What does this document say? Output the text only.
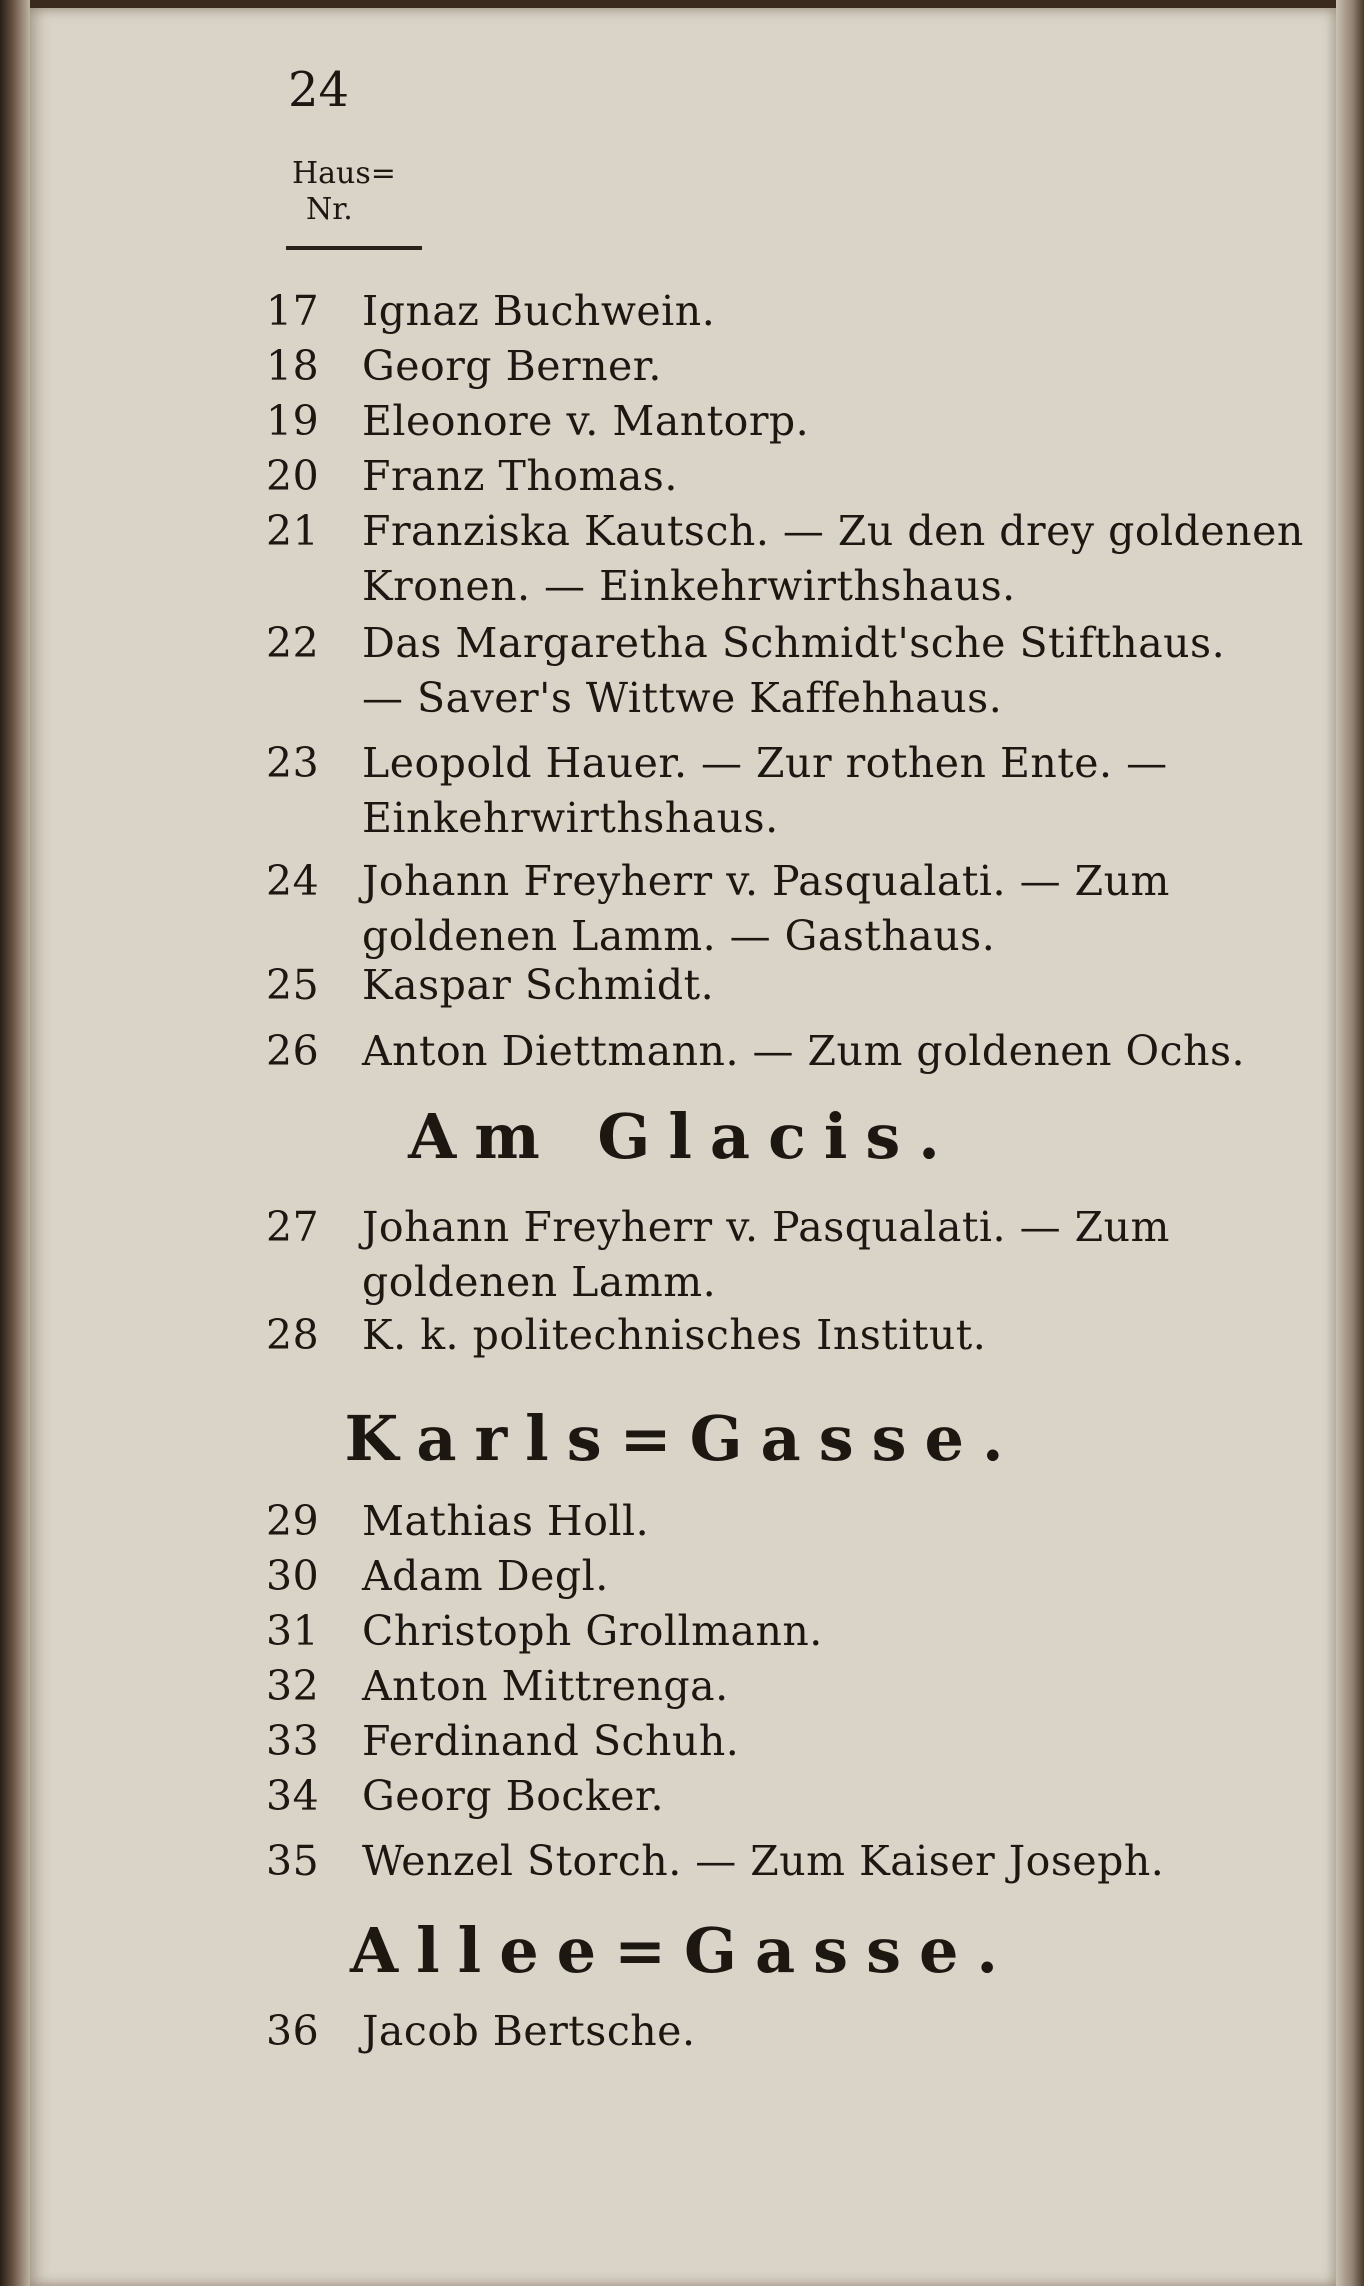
24
Haus=
Nr.
17 Ignaz Buchwein.
18 Georg Berner.
19 Eleonore v. Mantorp.
20 Franz Thomas.
21 Franziska Kautsch. — Zu den drey goldenen
Kronen. — Einkehrwirthshaus.
22 Das Margaretha Schmidt'sche Stifthaus.
— Saver's Wittwe Kaffehhaus.
23 Leopold Hauer. — Zur rothen Ente. —
Einkehrwirthshaus.
24 Johann Freyherr v. Pasqualati. — Zum
goldenen Lamm. — Gasthaus.
25 Kaspar Schmidt.
26 Anton Diettmann. — Zum goldenen Ochs.
Am Glacis.
27 Johann Freyherr v. Pasqualati. — Zum
goldenen Lamm.
28 K. k. politechnisches Institut.
Karls=Gasse.
29 Mathias Holl.
30 Adam Degl.
31 Christoph Grollmann.
32 Anton Mittrenga.
33 Ferdinand Schuh.
34 Georg Bocker.
35 Wenzel Storch. — Zum Kaiser Joseph.
Allee=Gasse.
36 Jacob Bertsche.
